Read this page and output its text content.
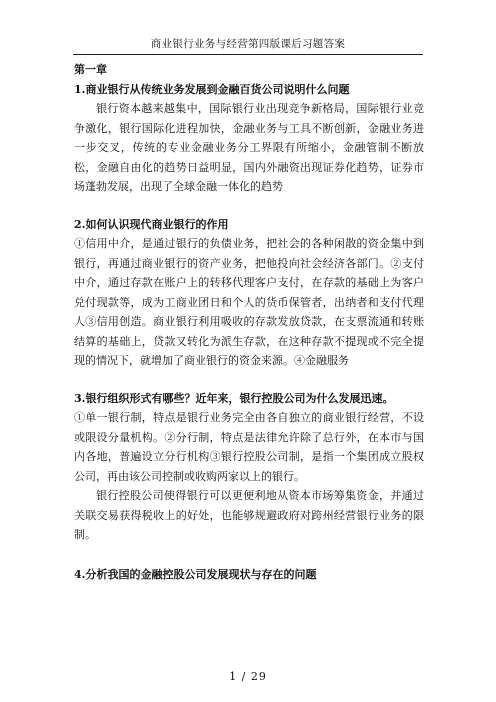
商业银行业务与经营第四版课后习题答案

第一章

1.商业银行从传统业务发展到金融百货公司说明什么问题

银行资本越来越集中，国际银行业出现竞争新格局，国际银行业竞争激化，银行国际化进程加快，金融业务与工具不断创新，金融业务进一步交叉，传统的专业金融业务分工界限有所缩小，金融管制不断放松，金融自由化的趋势日益明显，国内外融资出现证券化趋势，证券市场蓬勃发展，出现了全球金融一体化的趋势

2.如何认识现代商业银行的作用

①信用中介，是通过银行的负债业务，把社会的各种闲散的资金集中到银行，再通过商业银行的资产业务，把他投向社会经济各部门。②支付中介，通过存款在账户上的转移代理客户支付，在存款的基础上为客户兑付现款等，成为工商业团日和个人的货币保管者，出纳者和支付代理人③信用创造。商业银行利用吸收的存款发放贷款，在支票流通和转账结算的基础上，贷款又转化为派生存款，在这种存款不提现或不完全提现的情况下，就增加了商业银行的资金来源。④金融服务

3.银行组织形式有哪些？近年来，银行控股公司为什么发展迅速。

①单一银行制，特点是银行业务完全由各自独立的商业银行经营，不设或限设分量机构。②分行制，特点是法律允许除了总行外，在本市与国内各地，普遍设立分行机构③银行控股公司制，是指一个集团成立股权公司，再由该公司控制或收购两家以上的银行。

银行控股公司使得银行可以更便利地从资本市场筹集资金，并通过关联交易获得税收上的好处，也能够规避政府对跨州经营银行业务的限制。

4.分析我国的金融控股公司发展现状与存在的问题

1 / 29
